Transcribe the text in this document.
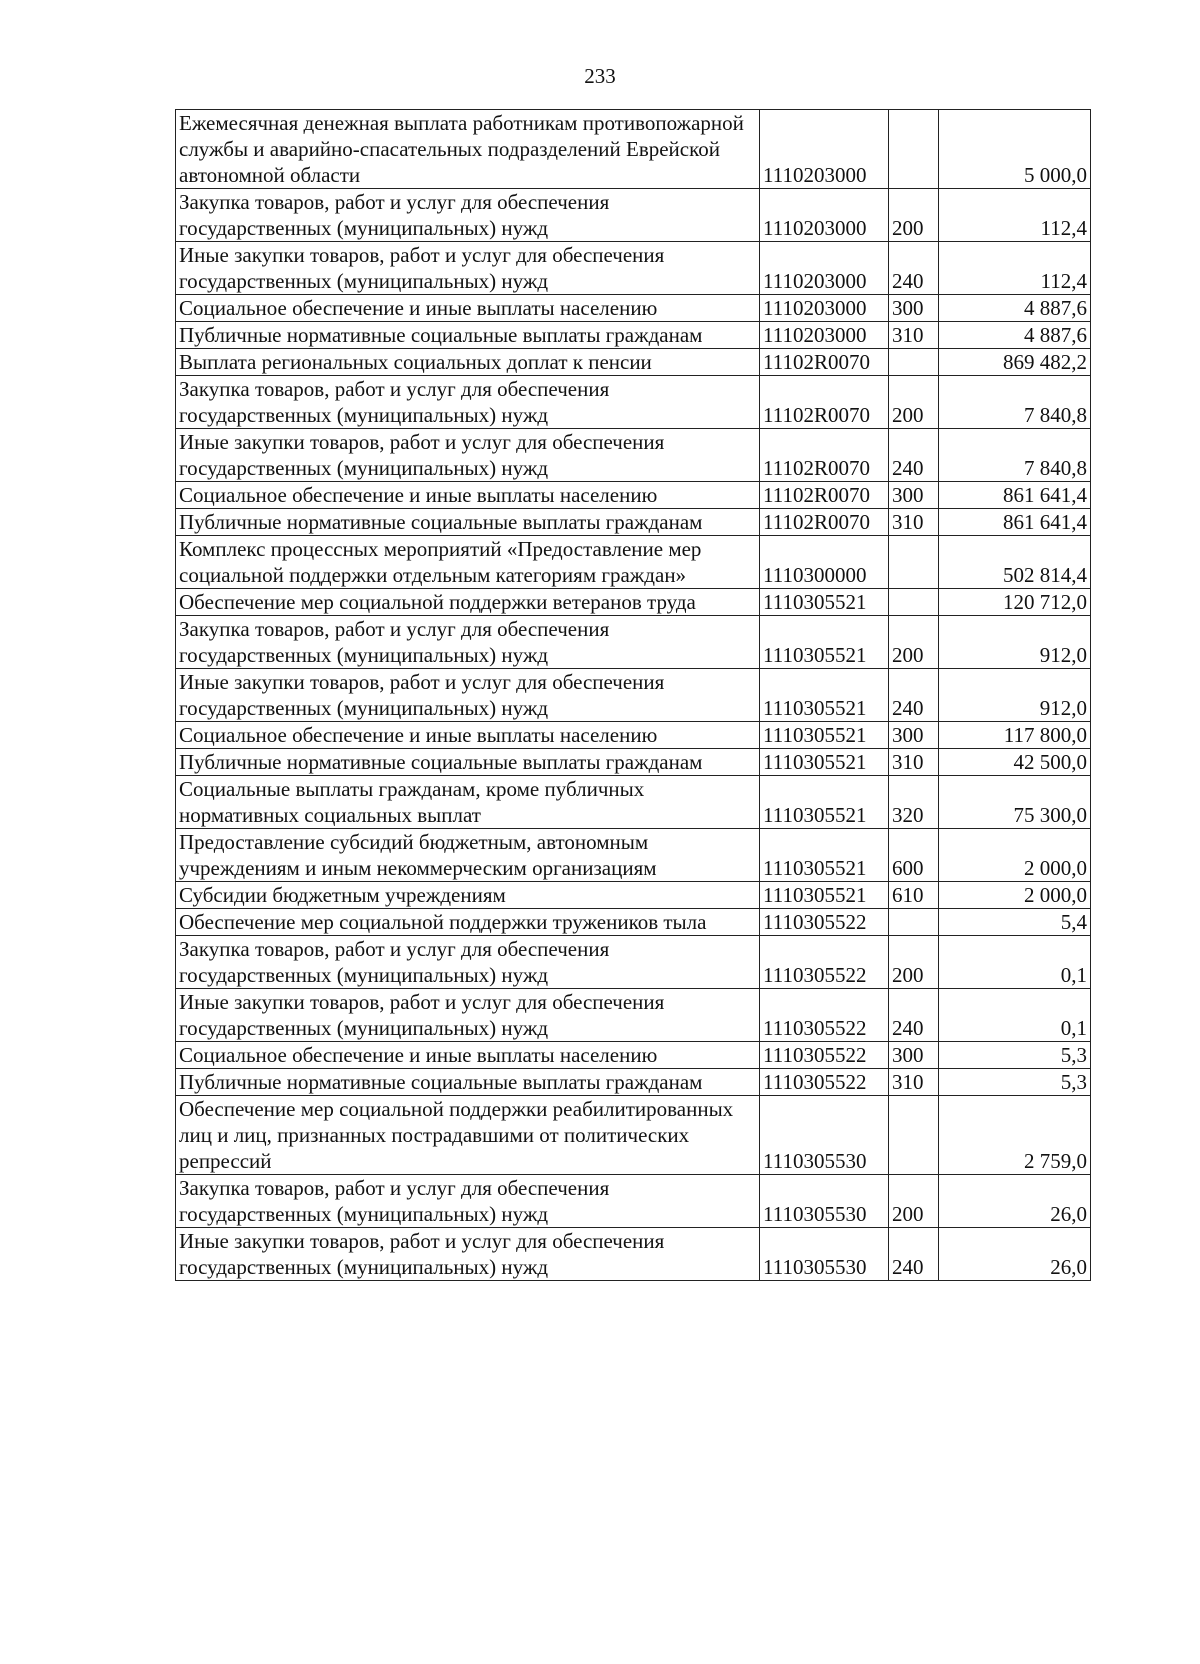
233
Ежемесячная денежная выплата работникам противопожарной службы и аварийно-спасательных подразделений Еврейской автономной области	1110203000		5 000,0
Закупка товаров, работ и услуг для обеспечения государственных (муниципальных) нужд	1110203000	200	112,4
Иные закупки товаров, работ и услуг для обеспечения государственных (муниципальных) нужд	1110203000	240	112,4
Социальное обеспечение и иные выплаты населению	1110203000	300	4 887,6
Публичные нормативные социальные выплаты гражданам	1110203000	310	4 887,6
Выплата региональных социальных доплат к пенсии	11102R0070		869 482,2
Закупка товаров, работ и услуг для обеспечения государственных (муниципальных) нужд	11102R0070	200	7 840,8
Иные закупки товаров, работ и услуг для обеспечения государственных (муниципальных) нужд	11102R0070	240	7 840,8
Социальное обеспечение и иные выплаты населению	11102R0070	300	861 641,4
Публичные нормативные социальные выплаты гражданам	11102R0070	310	861 641,4
Комплекс процессных мероприятий «Предоставление мер социальной поддержки отдельным категориям граждан»	1110300000		502 814,4
Обеспечение мер социальной поддержки ветеранов труда	1110305521		120 712,0
Закупка товаров, работ и услуг для обеспечения государственных (муниципальных) нужд	1110305521	200	912,0
Иные закупки товаров, работ и услуг для обеспечения государственных (муниципальных) нужд	1110305521	240	912,0
Социальное обеспечение и иные выплаты населению	1110305521	300	117 800,0
Публичные нормативные социальные выплаты гражданам	1110305521	310	42 500,0
Социальные выплаты гражданам, кроме публичных нормативных социальных выплат	1110305521	320	75 300,0
Предоставление субсидий бюджетным, автономным учреждениям и иным некоммерческим организациям	1110305521	600	2 000,0
Субсидии бюджетным учреждениям	1110305521	610	2 000,0
Обеспечение мер социальной поддержки тружеников тыла	1110305522		5,4
Закупка товаров, работ и услуг для обеспечения государственных (муниципальных) нужд	1110305522	200	0,1
Иные закупки товаров, работ и услуг для обеспечения государственных (муниципальных) нужд	1110305522	240	0,1
Социальное обеспечение и иные выплаты населению	1110305522	300	5,3
Публичные нормативные социальные выплаты гражданам	1110305522	310	5,3
Обеспечение мер социальной поддержки реабилитированных лиц и лиц, признанных пострадавшими от политических репрессий	1110305530		2 759,0
Закупка товаров, работ и услуг для обеспечения государственных (муниципальных) нужд	1110305530	200	26,0
Иные закупки товаров, работ и услуг для обеспечения государственных (муниципальных) нужд	1110305530	240	26,0
